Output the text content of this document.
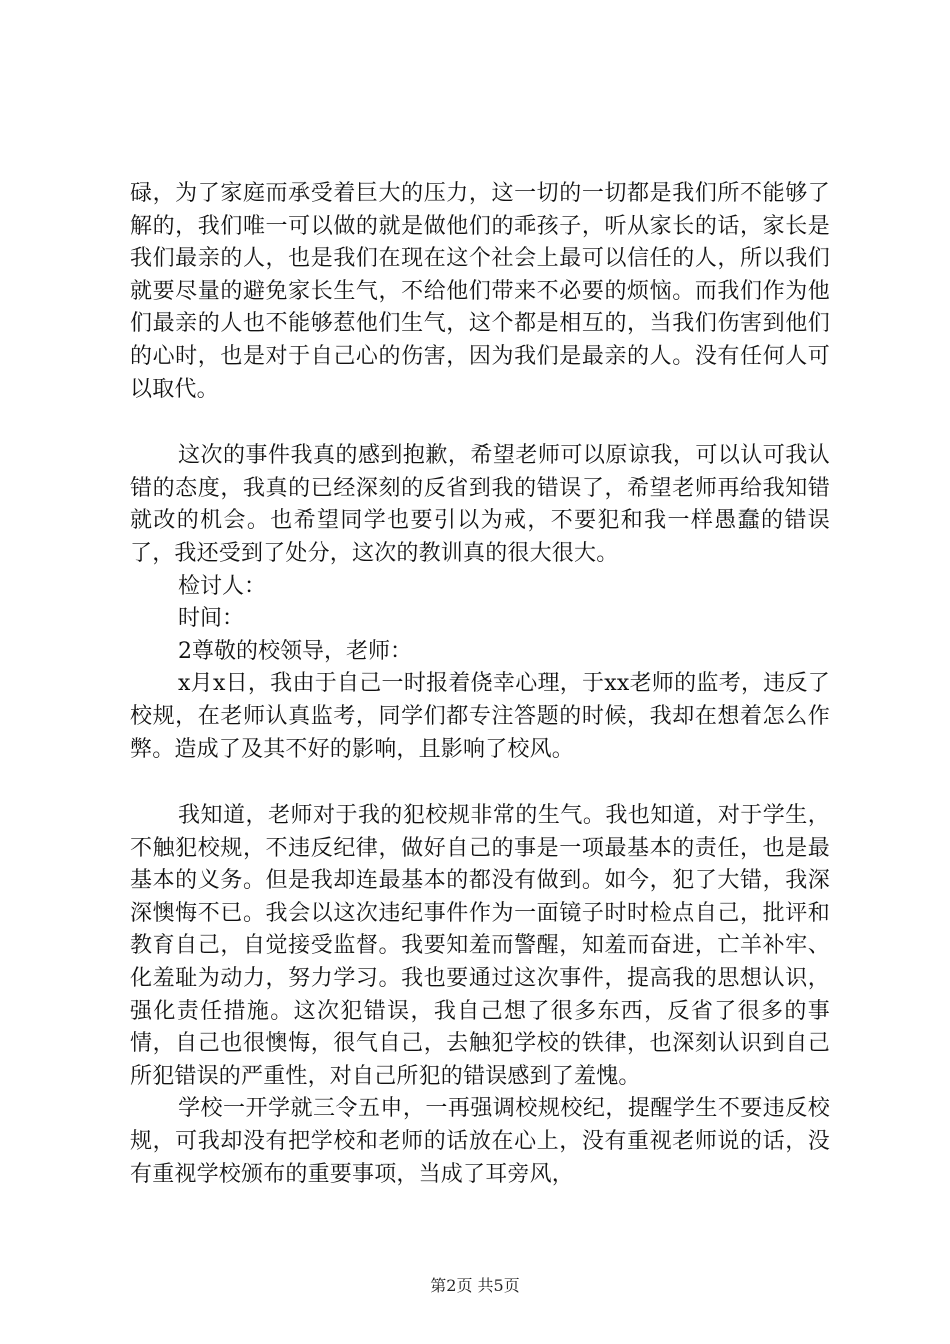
碌，为了家庭而承受着巨大的压力，这一切的一切都是我们所不能够了解的，我们唯一可以做的就是做他们的乖孩子，听从家长的话，家长是我们最亲的人，也是我们在现在这个社会上最可以信任的人，所以我们就要尽量的避免家长生气，不给他们带来不必要的烦恼。而我们作为他们最亲的人也不能够惹他们生气，这个都是相互的，当我们伤害到他们的心时，也是对于自己心的伤害，因为我们是最亲的人。没有任何人可以取代。

这次的事件我真的感到抱歉，希望老师可以原谅我，可以认可我认错的态度，我真的已经深刻的反省到我的错误了，希望老师再给我知错就改的机会。也希望同学也要引以为戒，不要犯和我一样愚蠢的错误了，我还受到了处分，这次的教训真的很大很大。

检讨人：

时间：

2尊敬的校领导，老师：

x月x日，我由于自己一时报着侥幸心理，于xx老师的监考，违反了校规，在老师认真监考，同学们都专注答题的时候，我却在想着怎么作弊。造成了及其不好的影响，且影响了校风。

我知道，老师对于我的犯校规非常的生气。我也知道，对于学生，不触犯校规，不违反纪律，做好自己的事是一项最基本的责任，也是最基本的义务。但是我却连最基本的都没有做到。如今，犯了大错，我深深懊悔不已。我会以这次违纪事件作为一面镜子时时检点自己，批评和教育自己，自觉接受监督。我要知羞而警醒，知羞而奋进，亡羊补牢、化羞耻为动力，努力学习。我也要通过这次事件，提高我的思想认识，强化责任措施。这次犯错误，我自己想了很多东西，反省了很多的事情，自己也很懊悔，很气自己，去触犯学校的铁律，也深刻认识到自己所犯错误的严重性，对自己所犯的错误感到了羞愧。

学校一开学就三令五申，一再强调校规校纪，提醒学生不要违反校规，可我却没有把学校和老师的话放在心上，没有重视老师说的话，没有重视学校颁布的重要事项，当成了耳旁风，

第2页 共5页
